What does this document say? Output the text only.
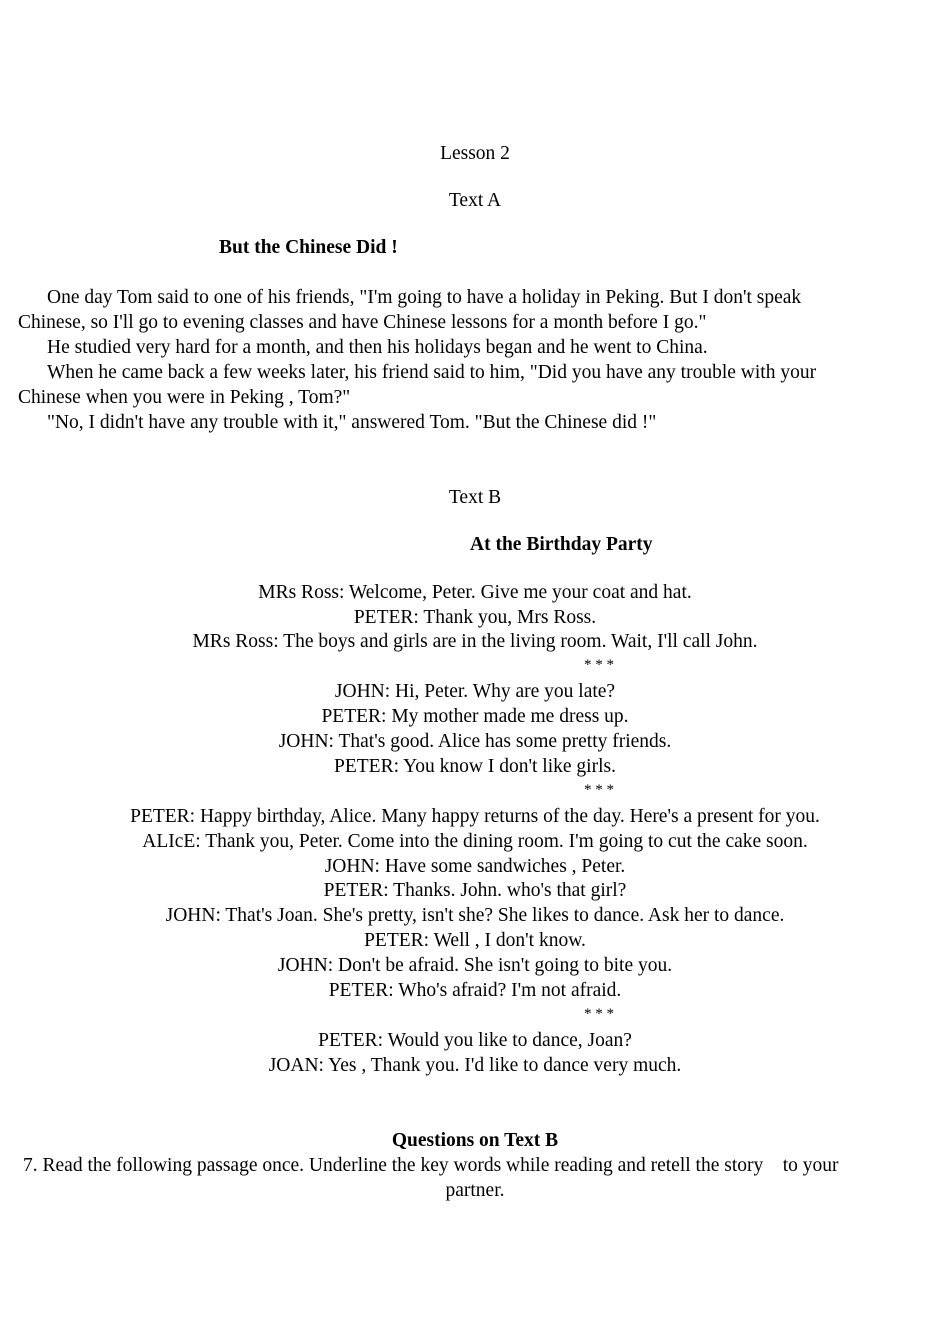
Lesson 2
Text A
But the Chinese Did !
One day Tom said to one of his friends, "I'm going to have a holiday in Peking. But I don't speak
Chinese, so I'll go to evening classes and have Chinese lessons for a month before I go."
He studied very hard for a month, and then his holidays began and he went to China.
When he came back a few weeks later, his friend said to him, "Did you have any trouble with your
Chinese when you were in Peking , Tom?"
"No, I didn't have any trouble with it," answered Tom. "But the Chinese did !"
Text B
At the Birthday Party
MRs Ross: Welcome, Peter. Give me your coat and hat.
PETER: Thank you, Mrs Ross.
MRs Ross: The boys and girls are in the living room. Wait, I'll call John.
* * *
JOHN: Hi, Peter. Why are you late?
PETER: My mother made me dress up.
JOHN: That's good. Alice has some pretty friends.
PETER: You know I don't like girls.
* * *
PETER: Happy birthday, Alice. Many happy returns of the day. Here's a present for you.
ALIcE: Thank you, Peter. Come into the dining room. I'm going to cut the cake soon.
JOHN: Have some sandwiches , Peter.
PETER: Thanks. John. who's that girl?
JOHN: That's Joan. She's pretty, isn't she? She likes to dance. Ask her to dance.
PETER: Well , I don't know.
JOHN: Don't be afraid. She isn't going to bite you.
PETER: Who's afraid? I'm not afraid.
* * *
PETER: Would you like to dance, Joan?
JOAN: Yes , Thank you. I'd like to dance very much.
Questions on Text B
7. Read the following passage once. Underline the key words while reading and retell the story    to your
partner.
